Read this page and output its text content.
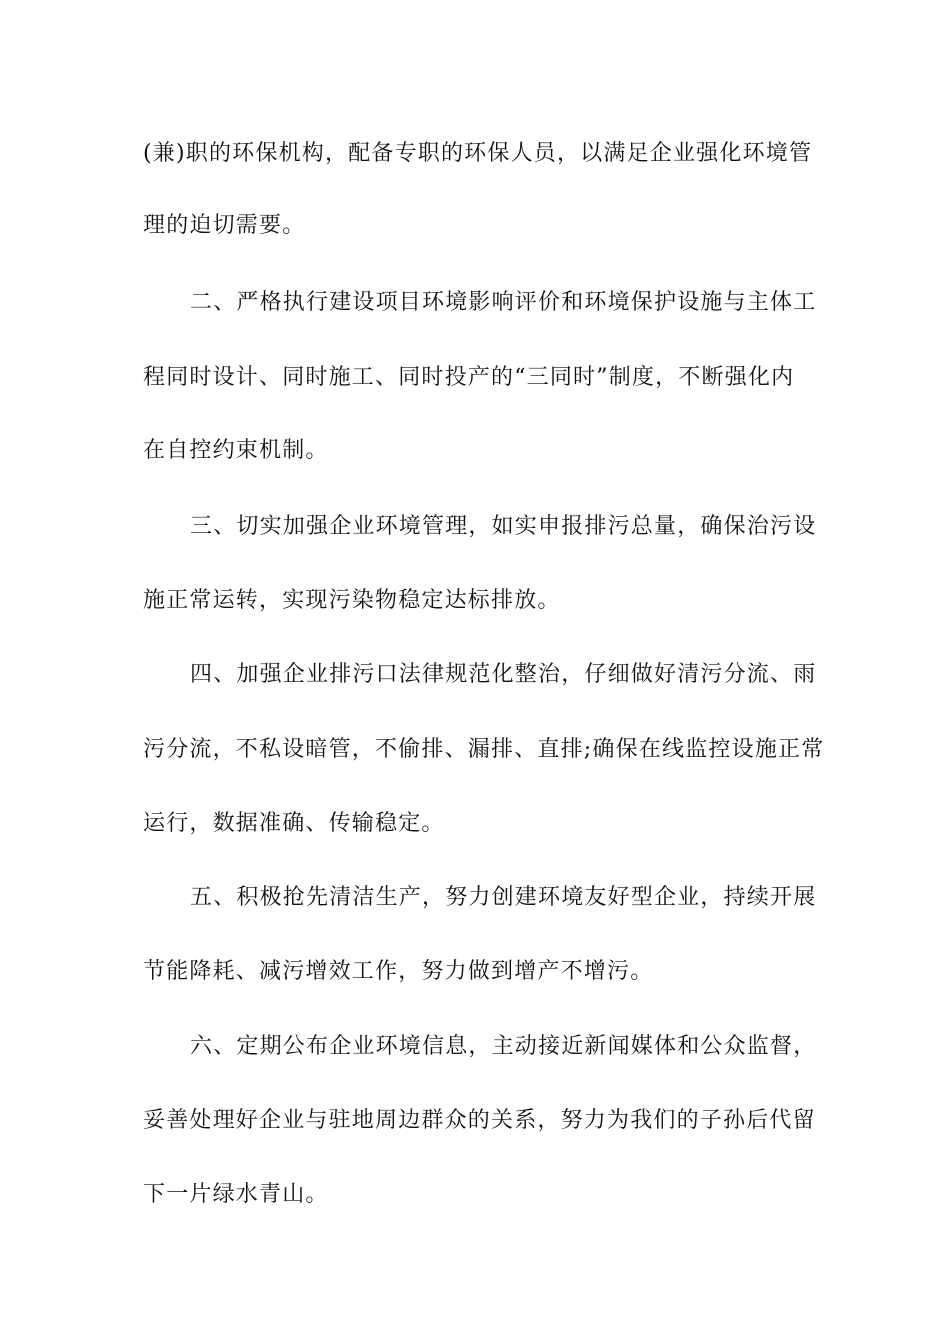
(兼)职的环保机构，配备专职的环保人员，以满足企业强化环境管
理的迫切需要。
二、严格执行建设项目环境影响评价和环境保护设施与主体工
程同时设计、同时施工、同时投产的“三同时”制度，不断强化内
在自控约束机制。
三、切实加强企业环境管理，如实申报排污总量，确保治污设
施正常运转，实现污染物稳定达标排放。
四、加强企业排污口法律规范化整治，仔细做好清污分流、雨
污分流，不私设暗管，不偷排、漏排、直排;确保在线监控设施正常
运行，数据准确、传输稳定。
五、积极抢先清洁生产，努力创建环境友好型企业，持续开展
节能降耗、减污增效工作，努力做到增产不增污。
六、定期公布企业环境信息，主动接近新闻媒体和公众监督，
妥善处理好企业与驻地周边群众的关系，努力为我们的子孙后代留
下一片绿水青山。
